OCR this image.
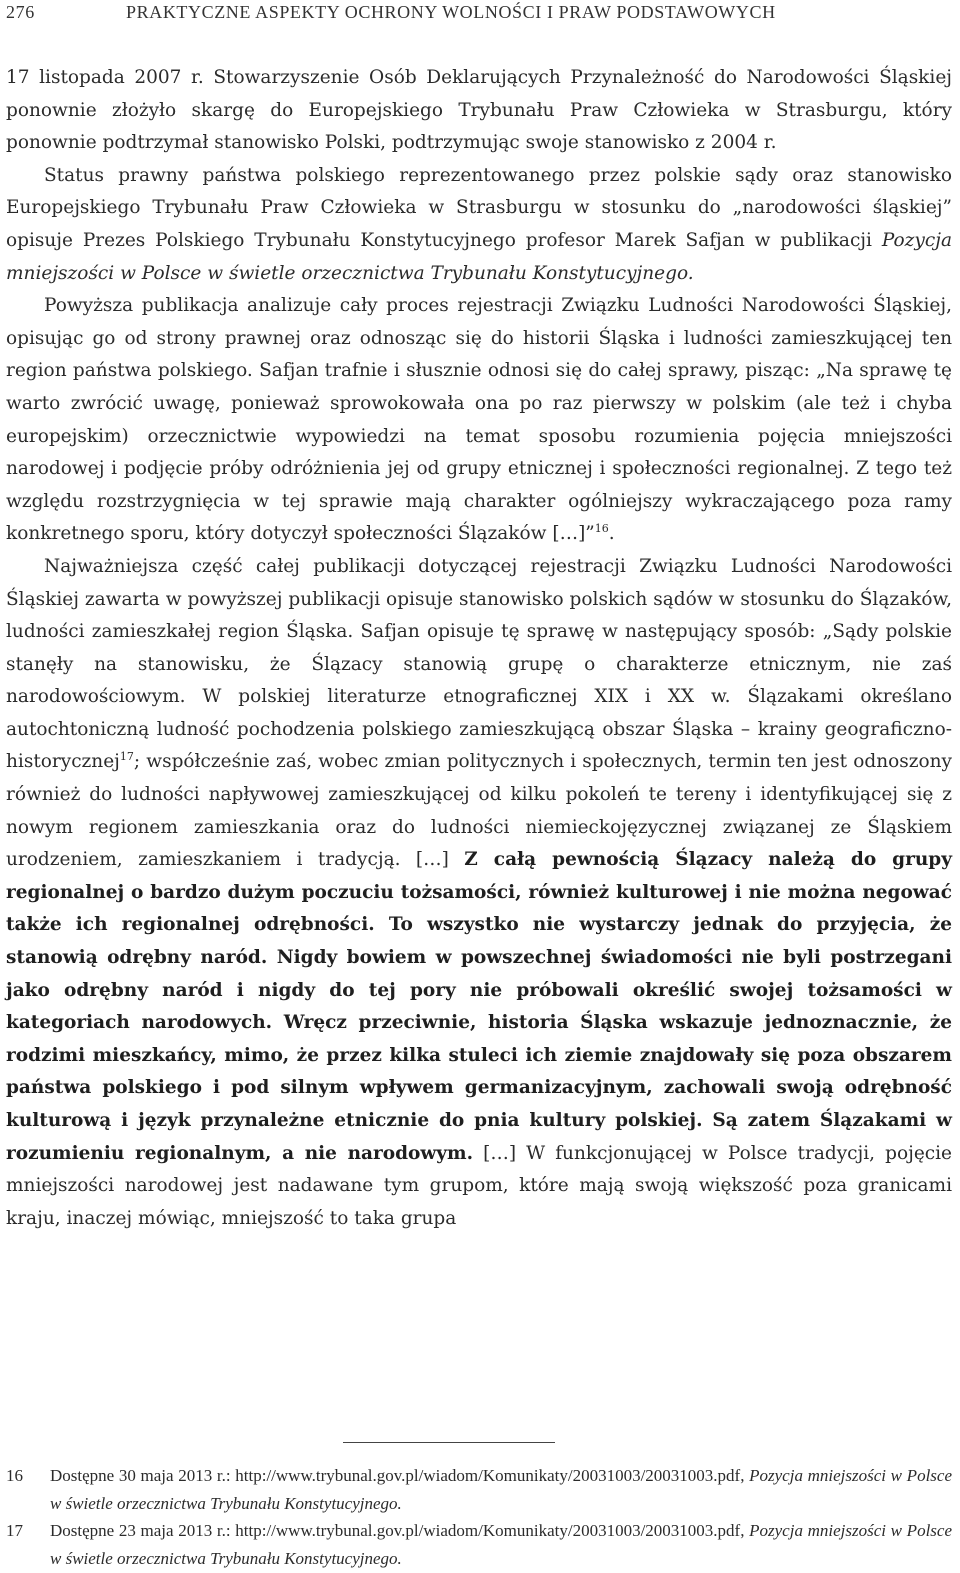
276	PRAKTYCZNE ASPEKTY OCHRONY WOLNOŚCI I PRAW PODSTAWOWYCH

17 listopada 2007 r. Stowarzyszenie Osób Deklarujących Przynależność do Narodowości Śląskiej ponownie złożyło skargę do Europejskiego Trybunału Praw Człowieka w Strasburgu, który ponownie podtrzymał stanowisko Polski, podtrzymując swoje stanowisko z 2004 r.

Status prawny państwa polskiego reprezentowanego przez polskie sądy oraz stanowisko Europejskiego Trybunału Praw Człowieka w Strasburgu w stosunku do „narodowości śląskiej” opisuje Prezes Polskiego Trybunału Konstytucyjnego profesor Marek Safjan w publikacji Pozycja mniejszości w Polsce w świetle orzecznictwa Trybunału Konstytucyjnego.

Powyższa publikacja analizuje cały proces rejestracji Związku Ludności Narodowości Śląskiej, opisując go od strony prawnej oraz odnosząc się do historii Śląska i ludności zamieszkującej ten region państwa polskiego. Safjan trafnie i słusznie odnosi się do całej sprawy, pisząc: „Na sprawę tę warto zwrócić uwagę, ponieważ sprowokowała ona po raz pierwszy w polskim (ale też i chyba europejskim) orzecznictwie wypowiedzi na temat sposobu rozumienia pojęcia mniejszości narodowej i podjęcie próby odróżnienia jej od grupy etnicznej i społeczności regionalnej. Z tego też względu rozstrzygnięcia w tej sprawie mają charakter ogólniejszy wykraczającego poza ramy konkretnego sporu, który dotyczył społeczności Ślązaków […]”$^{16}$.

Najważniejsza część całej publikacji dotyczącej rejestracji Związku Ludności Narodowości Śląskiej zawarta w powyższej publikacji opisuje stanowisko polskich sądów w stosunku do Ślązaków, ludności zamieszkałej region Śląska. Safjan opisuje tę sprawę w następujący sposób: „Sądy polskie stanęły na stanowisku, że Ślązacy stanowią grupę o charakterze etnicznym, nie zaś narodowościowym. W polskiej literaturze etnograficznej XIX i XX w. Ślązakami określano autochtoniczną ludność pochodzenia polskiego zamieszkującą obszar Śląska – krainy geograficzno-historycznej$^{17}$; współcześnie zaś, wobec zmian politycznych i społecznych, termin ten jest odnoszony również do ludności napływowej zamieszkującej od kilku pokoleń te tereny i identyfikującej się z nowym regionem zamieszkania oraz do ludności niemieckojęzycznej związanej ze Śląskiem urodzeniem, zamieszkaniem i tradycją. […] Z całą pewnością Ślązacy należą do grupy regionalnej o bardzo dużym poczuciu tożsamości, również kulturowej i nie można negować także ich regionalnej odrębności. To wszystko nie wystarczy jednak do przyjęcia, że stanowią odrębny naród. Nigdy bowiem w powszechnej świadomości nie byli postrzegani jako odrębny naród i nigdy do tej pory nie próbowali określić swojej tożsamości w kategoriach narodowych. Wręcz przeciwnie, historia Śląska wskazuje jednoznacznie, że rodzimi mieszkańcy, mimo, że przez kilka stuleci ich ziemie znajdowały się poza obszarem państwa polskiego i pod silnym wpływem germanizacyjnym, zachowali swoją odrębność kulturową i język przynależne etnicznie do pnia kultury polskiej. Są zatem Ślązakami w rozumieniu regionalnym, a nie narodowym. […] W funkcjonującej w Polsce tradycji, pojęcie mniejszości narodowej jest nadawane tym grupom, które mają swoją większość poza granicami kraju, inaczej mówiąc, mniejszość to taka grupa

16 Dostępne 30 maja 2013 r.: http://www.trybunal.gov.pl/wiadom/Komunikaty/20031003/20031003.pdf, Pozycja mniejszości w Polsce w świetle orzecznictwa Trybunału Konstytucyjnego.
17 Dostępne 23 maja 2013 r.: http://www.trybunal.gov.pl/wiadom/Komunikaty/20031003/20031003.pdf, Pozycja mniejszości w Polsce w świetle orzecznictwa Trybunału Konstytucyjnego.
